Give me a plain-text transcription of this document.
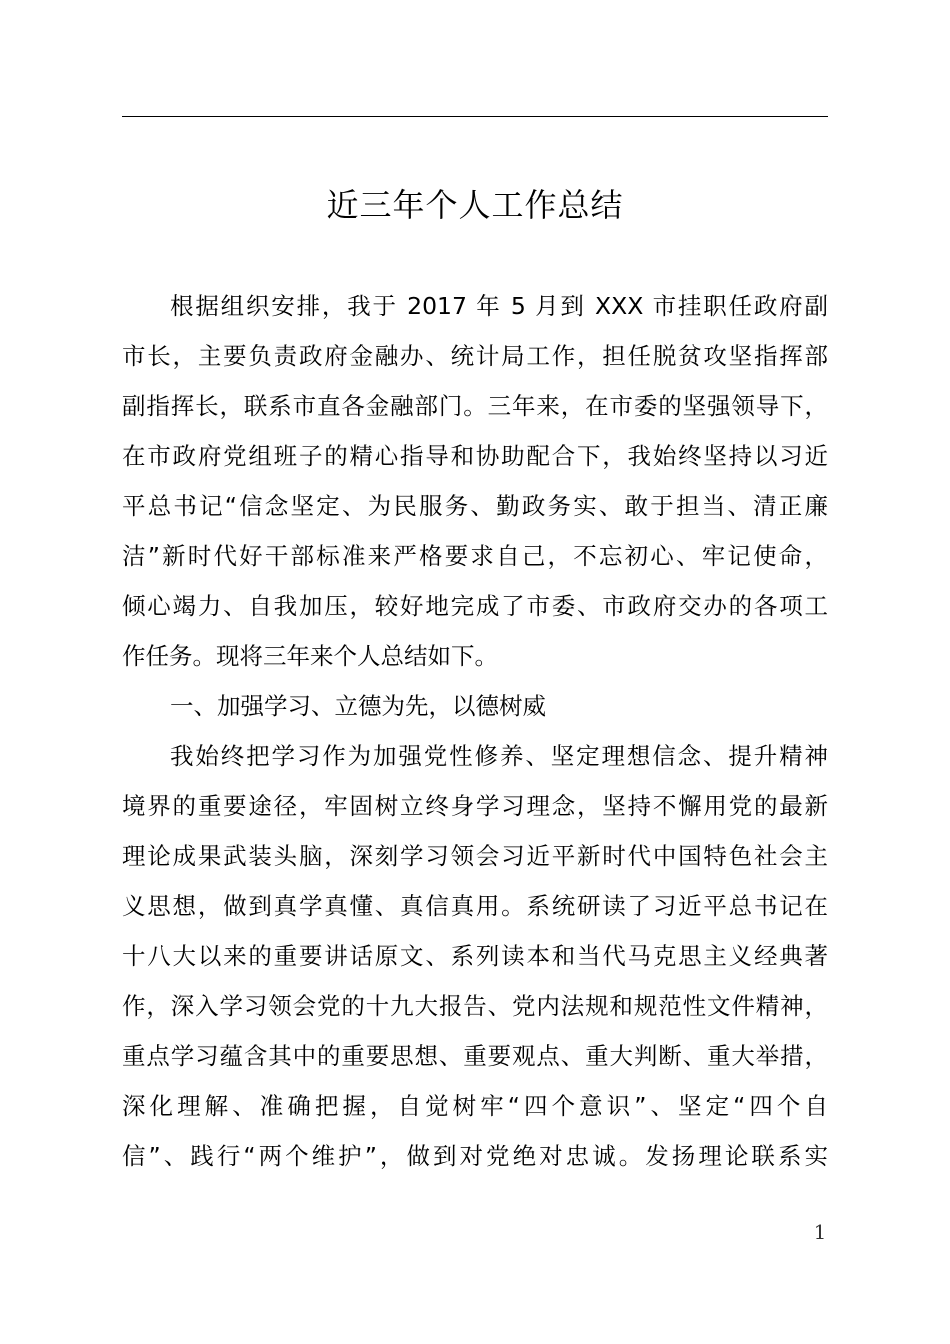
近三年个人工作总结
根据组织安排，我于 2017 年 5 月到 XXX 市挂职任政府副
市长，主要负责政府金融办、统计局工作，担任脱贫攻坚指挥部
副指挥长，联系市直各金融部门。三年来，在市委的坚强领导下，
在市政府党组班子的精心指导和协助配合下，我始终坚持以习近
平总书记“信念坚定、为民服务、勤政务实、敢于担当、清正廉
洁”新时代好干部标准来严格要求自己，不忘初心、牢记使命，
倾心竭力、自我加压，较好地完成了市委、市政府交办的各项工
作任务。现将三年来个人总结如下。
一、加强学习、立德为先，以德树威
我始终把学习作为加强党性修养、坚定理想信念、提升精神
境界的重要途径，牢固树立终身学习理念，坚持不懈用党的最新
理论成果武装头脑，深刻学习领会习近平新时代中国特色社会主
义思想，做到真学真懂、真信真用。系统研读了习近平总书记在
十八大以来的重要讲话原文、系列读本和当代马克思主义经典著
作，深入学习领会党的十九大报告、党内法规和规范性文件精神，
重点学习蕴含其中的重要思想、重要观点、重大判断、重大举措，
深化理解、准确把握，自觉树牢“四个意识”、坚定“四个自
信”、践行“两个维护”，做到对党绝对忠诚。发扬理论联系实
1
